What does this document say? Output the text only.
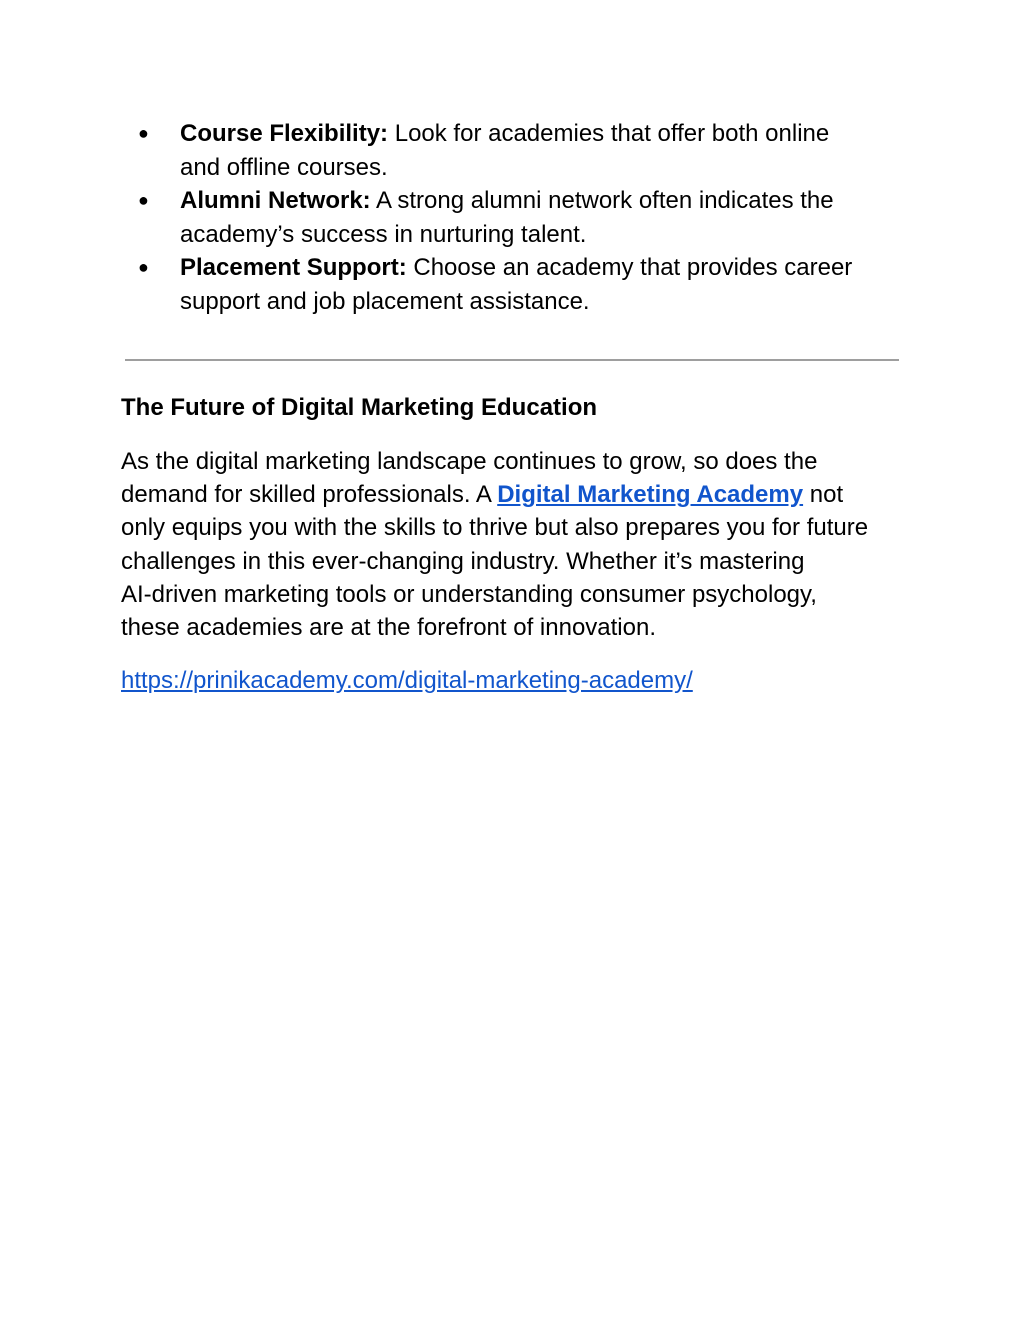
●	Course Flexibility: Look for academies that offer both online
and offline courses.
●	Alumni Network: A strong alumni network often indicates the
academy’s success in nurturing talent.
●	Placement Support: Choose an academy that provides career
support and job placement assistance.
The Future of Digital Marketing Education

As the digital marketing landscape continues to grow, so does the
demand for skilled professionals. A Digital Marketing Academy not
only equips you with the skills to thrive but also prepares you for future
challenges in this ever-changing industry. Whether it’s mastering
AI-driven marketing tools or understanding consumer psychology,
these academies are at the forefront of innovation.

https://prinikacademy.com/digital-marketing-academy/
